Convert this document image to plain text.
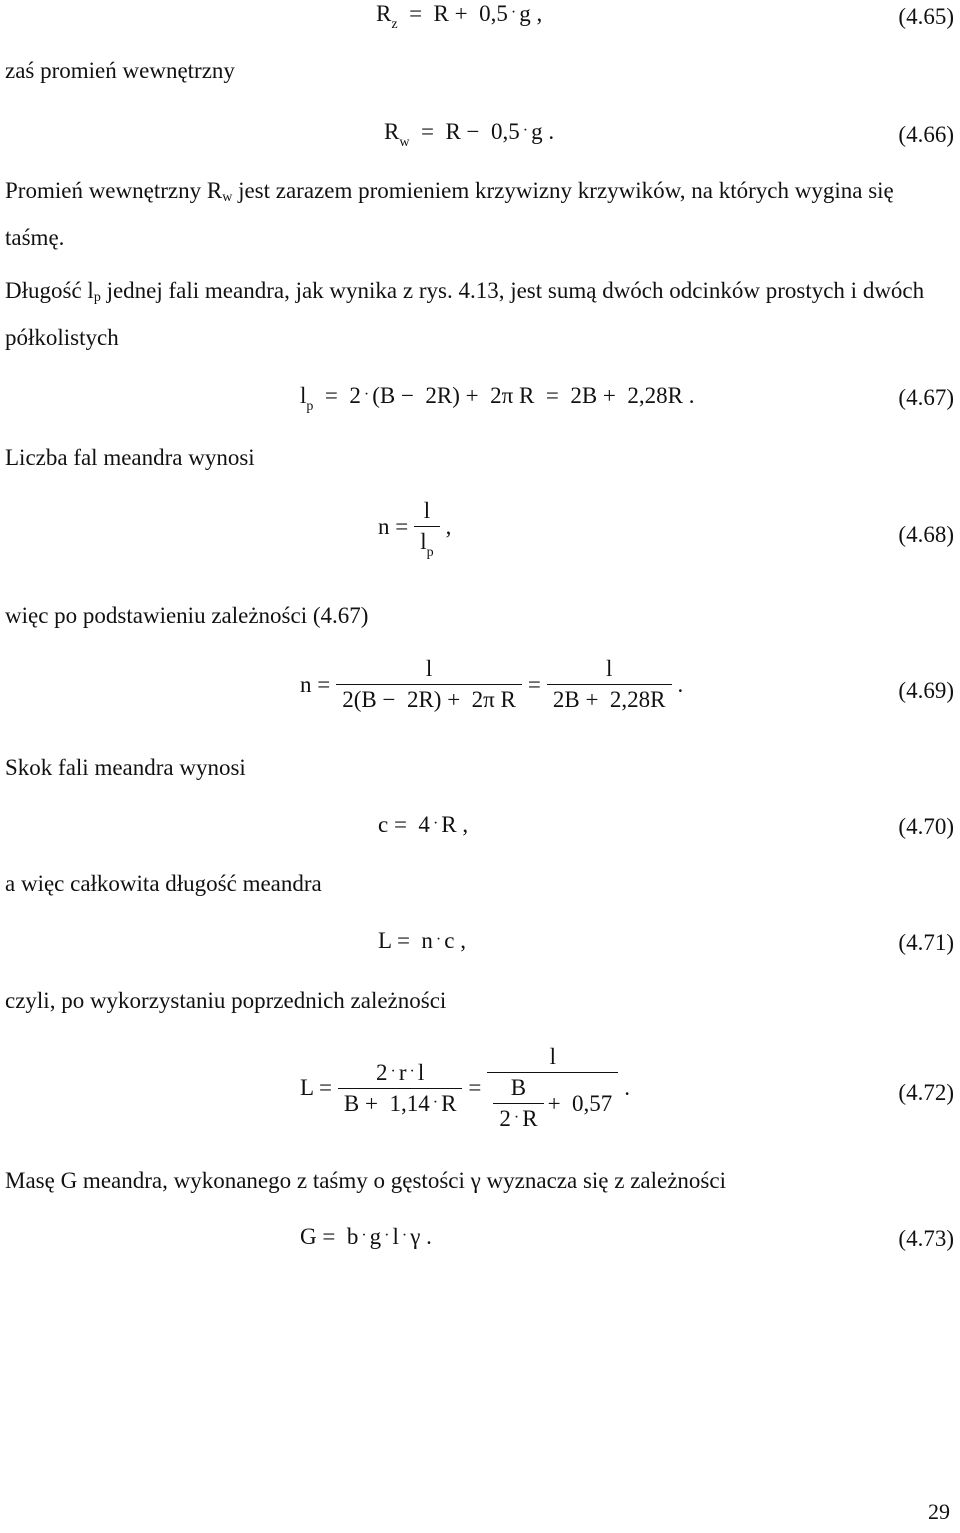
$R_z = R + 0,5 \cdot g$ ,	(4.65)
zaś promień wewnętrzny
$R_w = R - 0,5 \cdot g$ .	(4.66)
Promień wewnętrzny Rw jest zarazem promieniem krzywizny krzywików, na których wygina się taśmę.
Długość lp jednej fali meandra, jak wynika z rys. 4.13, jest sumą dwóch odcinków prostych i dwóch półkolistych
$l_p = 2 \cdot (B - 2R) + 2\pi$ R  =  2B +  2,28R .	(4.67)
Liczba fal meandra wynosi
$n = \frac{l}{l_p}$ ,	(4.68)
więc po podstawieniu zależności (4.67)
$n = \frac{l}{\text{2(B −  2R) +  2π R}} = \frac{l}{2B + 2,28R}$ .	(4.69)
Skok fali meandra wynosi
c =  4 · R ,	(4.70)
a więc całkowita długość meandra
L =  n · c ,	(4.71)
czyli, po wykorzystaniu poprzednich zależności
$L = \frac{2 \cdot r \cdot l}{B + 1,14 \cdot R} = \frac{l}{\frac{B}{2 \cdot R} + 0,57}$ .	(4.72)
Masę G meandra, wykonanego z taśmy o gęstości γ wyznacza się z zależności
G =  b · g · l · γ .	(4.73)
29
